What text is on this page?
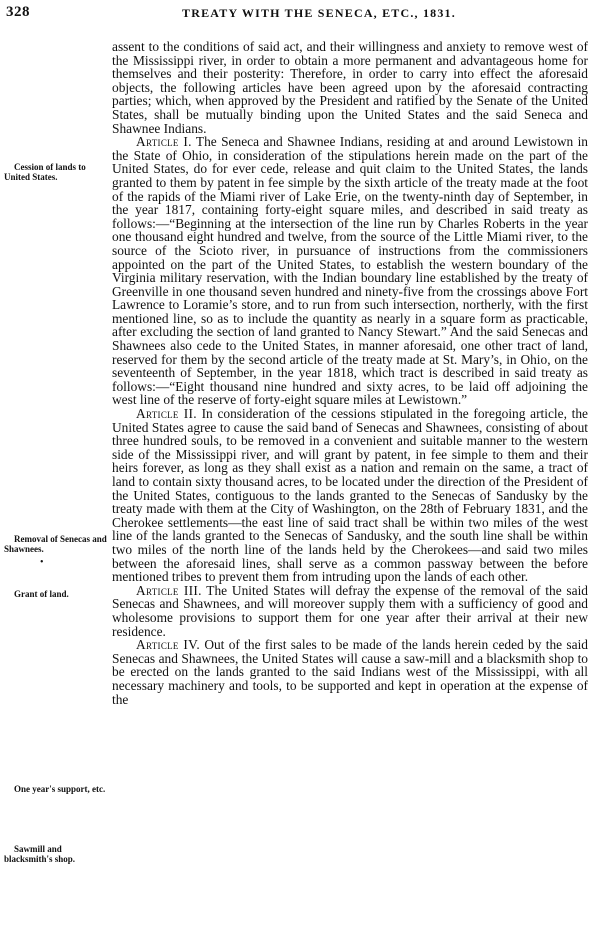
328	TREATY WITH THE SENECA, ETC., 1831.
Cession of lands to United States.
Removal of Senecas and Shawnees.
•
Grant of land.
One year's support, etc.
Sawmill and blacksmith's shop.

assent to the conditions of said act, and their willingness and anxiety to remove west of the Mississippi river, in order to obtain a more permanent and advantageous home for themselves and their posterity: Therefore, in order to carry into effect the aforesaid objects, the following articles have been agreed upon by the aforesaid contracting parties; which, when approved by the President and ratified by the Senate of the United States, shall be mutually binding upon the United States and the said Seneca and Shawnee Indians.

Article I. The Seneca and Shawnee Indians, residing at and around Lewistown in the State of Ohio, in consideration of the stipulations herein made on the part of the United States, do for ever cede, release and quit claim to the United States, the lands granted to them by patent in fee simple by the sixth article of the treaty made at the foot of the rapids of the Miami river of Lake Erie, on the twenty-ninth day of September, in the year 1817, containing forty-eight square miles, and described in said treaty as follows:—“Beginning at the intersection of the line run by Charles Roberts in the year one thousand eight hundred and twelve, from the source of the Little Miami river, to the source of the Scioto river, in pursuance of instructions from the commissioners appointed on the part of the United States, to establish the western boundary of the Virginia military reservation, with the Indian boundary line established by the treaty of Greenville in one thousand seven hundred and ninety-five from the crossings above Fort Lawrence to Loramie’s store, and to run from such intersection, northerly, with the first mentioned line, so as to include the quantity as nearly in a square form as practicable, after excluding the section of land granted to Nancy Stewart.” And the said Senecas and Shawnees also cede to the United States, in manner aforesaid, one other tract of land, reserved for them by the second article of the treaty made at St. Mary’s, in Ohio, on the seventeenth of September, in the year 1818, which tract is described in said treaty as follows:—“Eight thousand nine hundred and sixty acres, to be laid off adjoining the west line of the reserve of forty-eight square miles at Lewistown.”

Article II. In consideration of the cessions stipulated in the foregoing article, the United States agree to cause the said band of Senecas and Shawnees, consisting of about three hundred souls, to be removed in a convenient and suitable manner to the western side of the Mississippi river, and will grant by patent, in fee simple to them and their heirs forever, as long as they shall exist as a nation and remain on the same, a tract of land to contain sixty thousand acres, to be located under the direction of the President of the United States, contiguous to the lands granted to the Senecas of Sandusky by the treaty made with them at the City of Washington, on the 28th of February 1831, and the Cherokee settlements—the east line of said tract shall be within two miles of the west line of the lands granted to the Senecas of Sandusky, and the south line shall be within two miles of the north line of the lands held by the Cherokees—and said two miles between the aforesaid lines, shall serve as a common passway between the before mentioned tribes to prevent them from intruding upon the lands of each other.

Article III. The United States will defray the expense of the removal of the said Senecas and Shawnees, and will moreover supply them with a sufficiency of good and wholesome provisions to support them for one year after their arrival at their new residence.

Article IV. Out of the first sales to be made of the lands herein ceded by the said Senecas and Shawnees, the United States will cause a saw-mill and a blacksmith shop to be erected on the lands granted to the said Indians west of the Mississippi, with all necessary machinery and tools, to be supported and kept in operation at the expense of the
